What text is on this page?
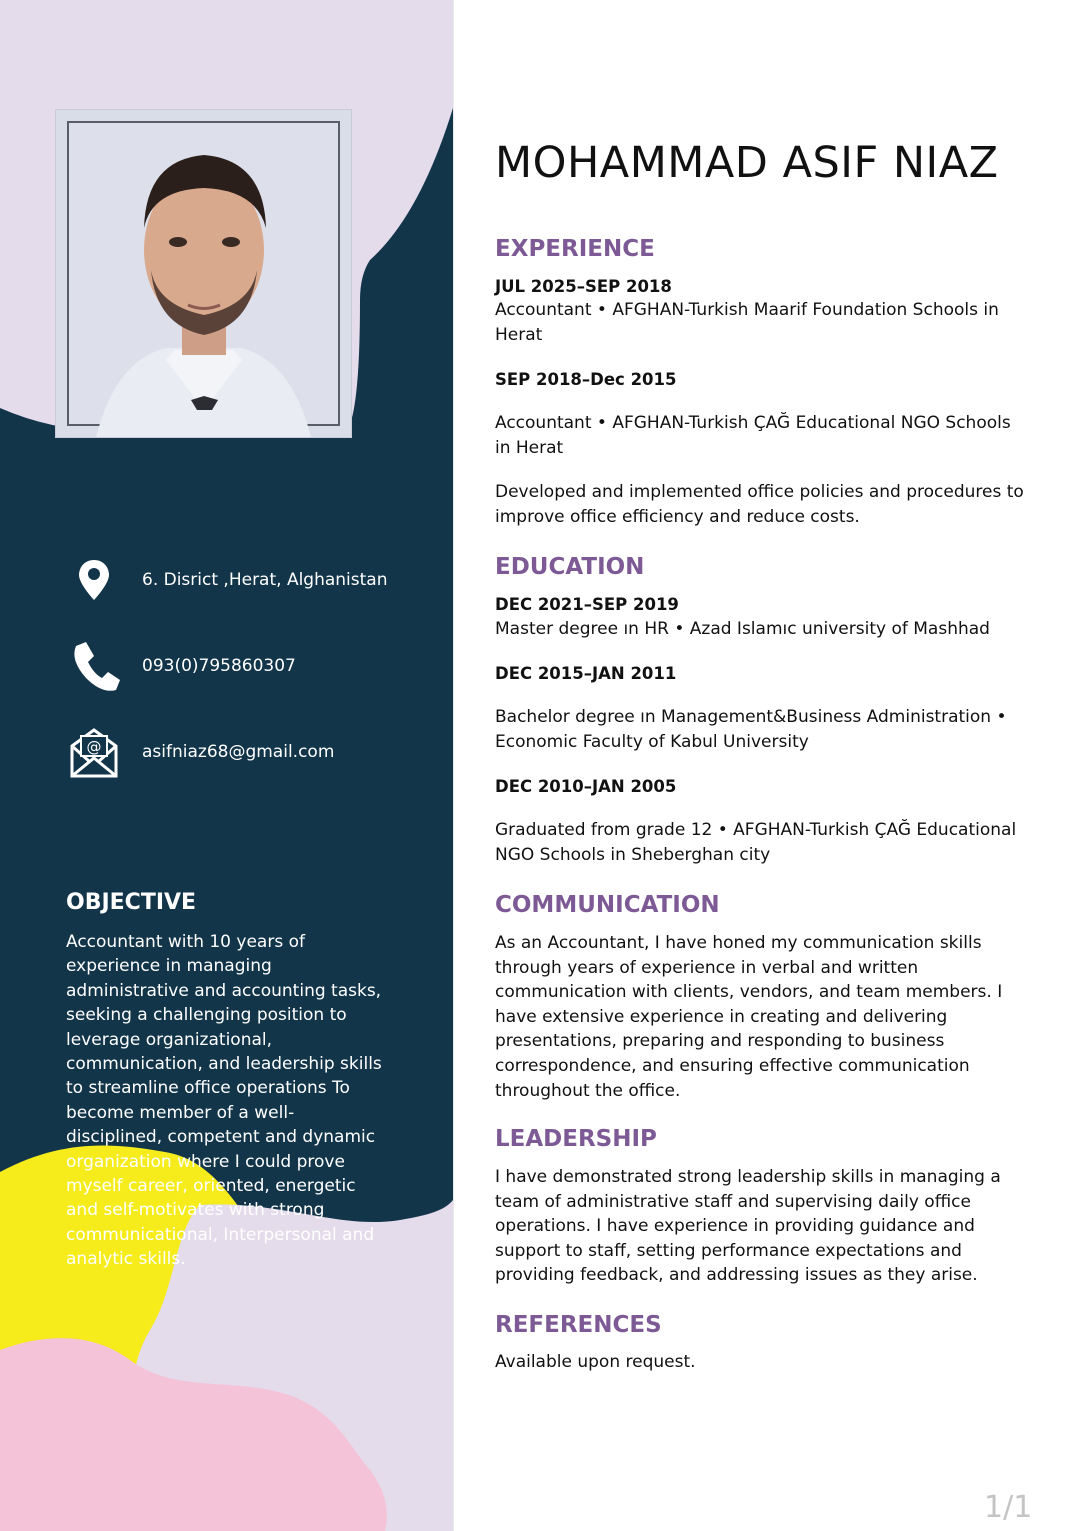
6. Disrict ,Herat, Alghanistan
093(0)795860307
@ asifniaz68@gmail.com
OBJECTIVE
Accountant with 10 years of experience in managing administrative and accounting tasks, seeking a challenging position to leverage organizational, communication, and leadership skills to streamline office operations To become member of a well-disciplined, competent and dynamic organization where I could prove myself career, oriented, energetic and self-motivates with strong communicational, Interpersonal and analytic skills.
MOHAMMAD ASIF NIAZ
EXPERIENCE
JUL 2025–SEP 2018
Accountant • AFGHAN-Turkish Maarif Foundation Schools in Herat
SEP 2018–Dec 2015
Accountant • AFGHAN-Turkish ÇAĞ Educational NGO Schools in Herat
Developed and implemented office policies and procedures to improve office efficiency and reduce costs.
EDUCATION
DEC 2021–SEP 2019
Master degree ın HR • Azad Islamıc university of Mashhad
DEC 2015–JAN 2011
Bachelor degree ın Management&Business Administration • Economic Faculty of Kabul University
DEC 2010–JAN 2005
Graduated from grade 12 • AFGHAN-Turkish ÇAĞ Educational NGO Schools in Sheberghan city
COMMUNICATION
As an Accountant, I have honed my communication skills through years of experience in verbal and written communication with clients, vendors, and team members. I have extensive experience in creating and delivering presentations, preparing and responding to business correspondence, and ensuring effective communication throughout the office.
LEADERSHIP
I have demonstrated strong leadership skills in managing a team of administrative staff and supervising daily office operations. I have experience in providing guidance and support to staff, setting performance expectations and providing feedback, and addressing issues as they arise.
REFERENCES
Available upon request.
1/1
